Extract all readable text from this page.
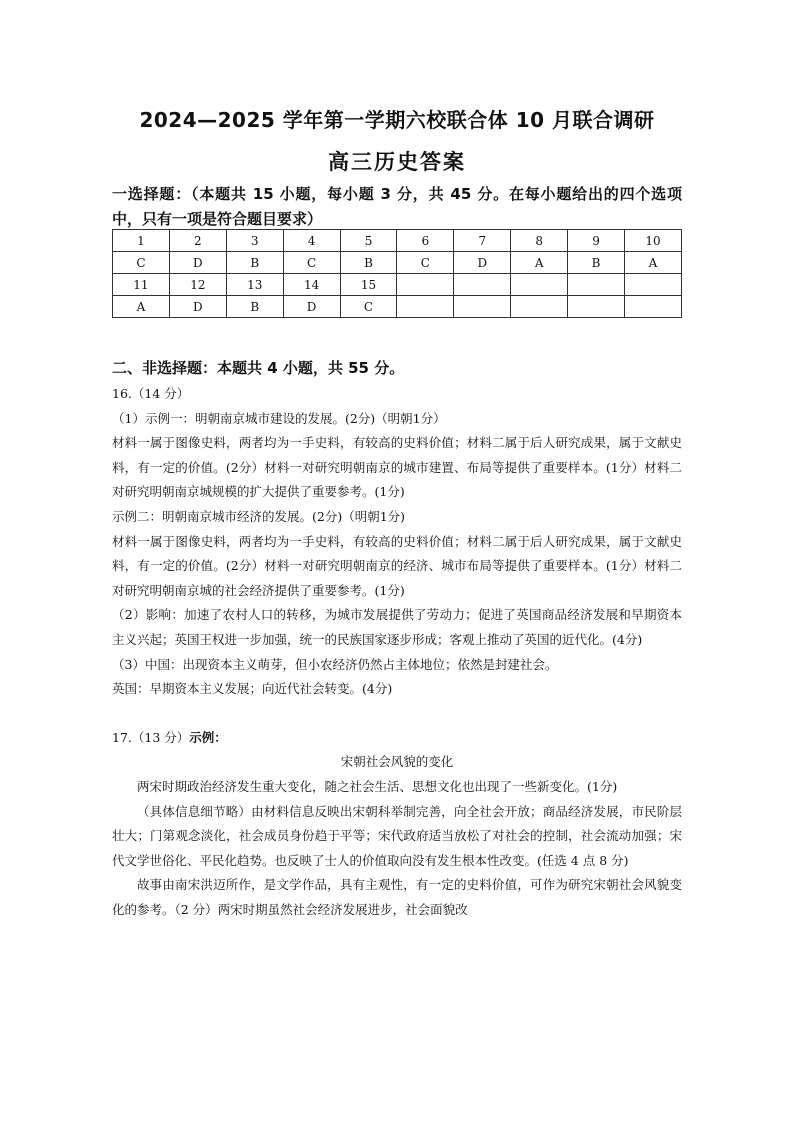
2024—2025 学年第一学期六校联合体 10 月联合调研
高三历史答案
一选择题：（本题共 15 小题，每小题 3 分，共 45 分。在每小题给出的四个选项中，只有一项是符合题目要求）
1	2	3	4	5	6	7	8	9	10
C	D	B	C	B	C	D	A	B	A
11	12	13	14	15					
A	D	B	D	C					
二、非选择题：本题共 4 小题，共 55 分。

16.（14 分）

（1）示例一：明朝南京城市建设的发展。(2分)（明朝1分）

材料一属于图像史料，两者均为一手史料，有较高的史料价值；材料二属于后人研究成果，属于文献史料，有一定的价值。(2分）材料一对研究明朝南京的城市建置、布局等提供了重要样本。(1分）材料二对研究明朝南京城规模的扩大提供了重要参考。(1分)

示例二：明朝南京城市经济的发展。(2分)（明朝1分)

材料一属于图像史料，两者均为一手史料，有较高的史料价值；材料二属于后人研究成果，属于文献史料，有一定的价值。(2分）材料一对研究明朝南京的经济、城市布局等提供了重要样本。(1分）材料二对研究明朝南京城的社会经济提供了重要参考。(1分)

（2）影响：加速了农村人口的转移，为城市发展提供了劳动力；促进了英国商品经济发展和早期资本主义兴起；英国王权进一步加强，统一的民族国家逐步形成；客观上推动了英国的近代化。(4分)

（3）中国：出现资本主义萌芽，但小农经济仍然占主体地位；依然是封建社会。

英国：早期资本主义发展；向近代社会转变。(4分)

17.（13 分）示例：

宋朝社会风貌的变化

两宋时期政治经济发生重大变化，随之社会生活、思想文化也出现了一些新变化。(1分)

（具体信息细节略）由材料信息反映出宋朝科举制完善，向全社会开放；商品经济发展，市民阶层壮大；门第观念淡化，社会成员身份趋于平等；宋代政府适当放松了对社会的控制，社会流动加强；宋代文学世俗化、平民化趋势。也反映了士人的价值取向没有发生根本性改变。(任选 4 点 8 分)

故事由南宋洪迈所作，是文学作品，具有主观性，有一定的史料价值，可作为研究宋朝社会风貌变化的参考。（2 分）两宋时期虽然社会经济发展进步，社会面貌改
